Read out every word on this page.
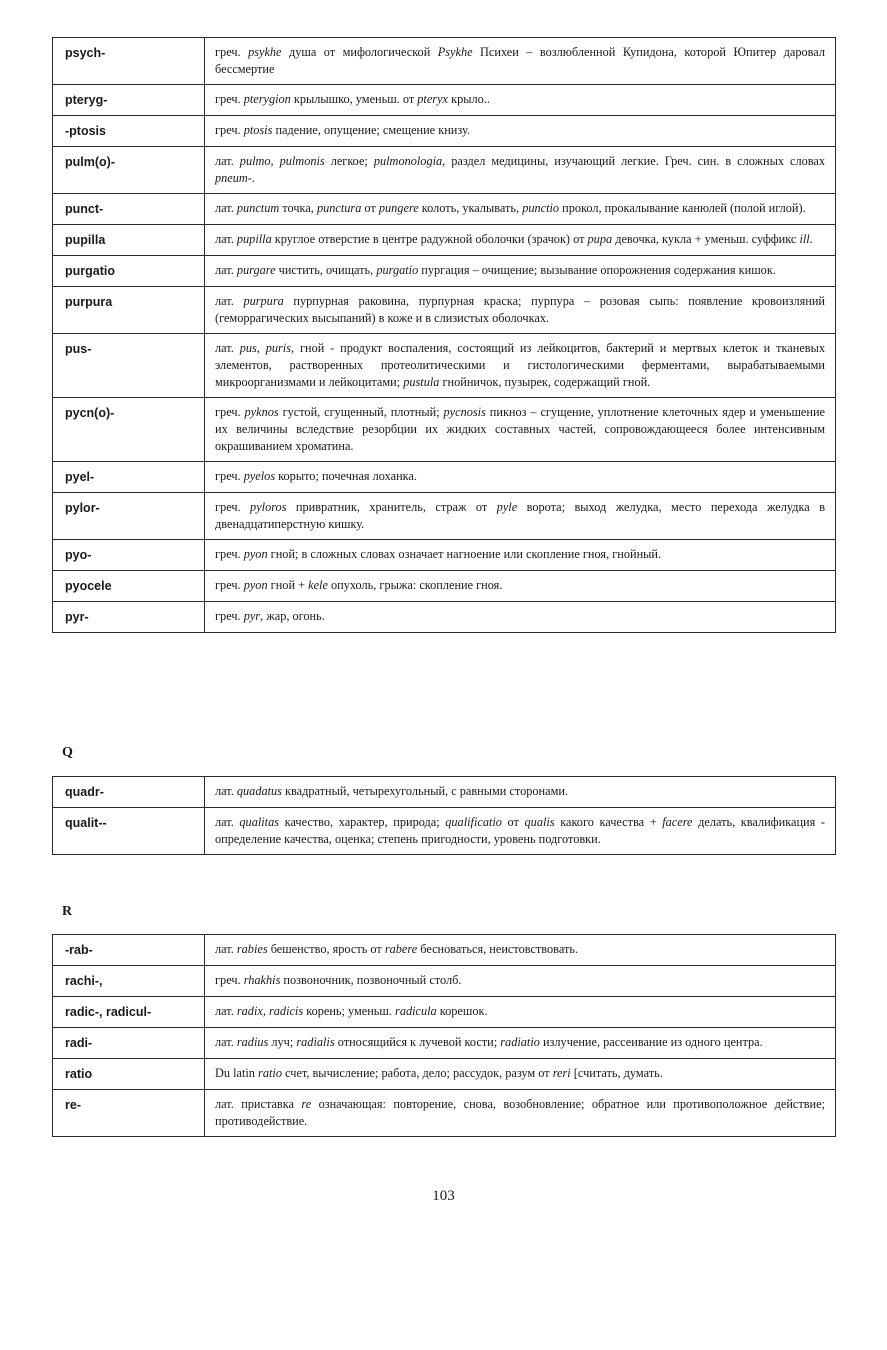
psych-	греч. psykhe душа от мифологической Psykhe Психеи – возлюбленной Купидона, которой Юпитер даровал бессмертие
pteryg-	греч. pterygion крылышко, уменьш. от pteryx крыло..
-ptosis	греч. ptosis падение, опущение; смещение книзу.
pulm(o)-	лат. pulmo, pulmonis легкое; pulmonologia, раздел медицины, изучающий легкие. Греч. син. в сложных словах pneum-.
punct-	лат. punctum точка, punctura от pungere колоть, укалывать, punctio прокол, прокалывание канюлей (полой иглой).
pupilla	лат. pupilla круглое отверстие в центре радужной оболочки (зрачок) от pupa девочка, кукла + уменьш. суффикс ill.
purgatio	лат. purgare чистить, очищать, purgatio пургация – очищение; вызывание опорожнения содержания кишок.
purpura	лат. purpura пурпурная раковина, пурпурная краска; пурпура – розовая сыпь: появление кровоизляний (геморрагических высыпаний) в коже и в слизистых оболочках.
pus-	лат. pus, puris, гной - продукт воспаления, состоящий из лейкоцитов, бактерий и мертвых клеток и тканевых элементов, растворенных протеолитическими и гистологическими ферментами, вырабатываемыми микроорганизмами и лейкоцитами; pustula гнойничок, пузырек, содержащий гной.
pycn(o)-	греч. pyknos густой, сгущенный, плотный; pycnosis пикноз – сгущение, уплотнение клеточных ядер и уменьшение их величины вследствие резорбции их жидких составных частей, сопровождающееся более интенсивным окрашиванием хроматина.
pyel-	греч. pyelos корыто; почечная лоханка.
pylor-	греч. pyloros привратник, хранитель, страж от pyle ворота; выход желудка, место перехода желудка в двенадцатиперстную кишку.
pyo-	греч. pyon гной; в сложных словах означает нагноение или скопление гноя, гнойный.
pyocele	греч. pyon гной + kele опухоль, грыжа: скопление гноя.
pyr-	греч. pyr, жар, огонь.
Q
quadr-	лат. quadatus квадратный, четырехугольный, с равными сторонами.
qualit--	лат. qualitas качество, характер, природа; qualificatio от qualis какого качества + facere делать, квалификация - определение качества, оценка; степень пригодности, уровень подготовки.
R
-rab-	лат. rabies бешенство, ярость от rabere бесноваться, неистовствовать.
rachi-,	греч. rhakhis позвоночник, позвоночный столб.
radic-, radicul-	лат. radix, radicis корень; уменьш. radicula корешок.
radi-	лат. radius луч; radialis относящийся к лучевой кости; radiatio излучение, рассеивание из одного центра.
ratio	Du latin ratio счет, вычисление; работа, дело; рассудок, разум от reri [считать, думать.
re-	лат. приставка re означающая: повторение, снова, возобновление; обратное или противоположное действие; противодействие.
103
